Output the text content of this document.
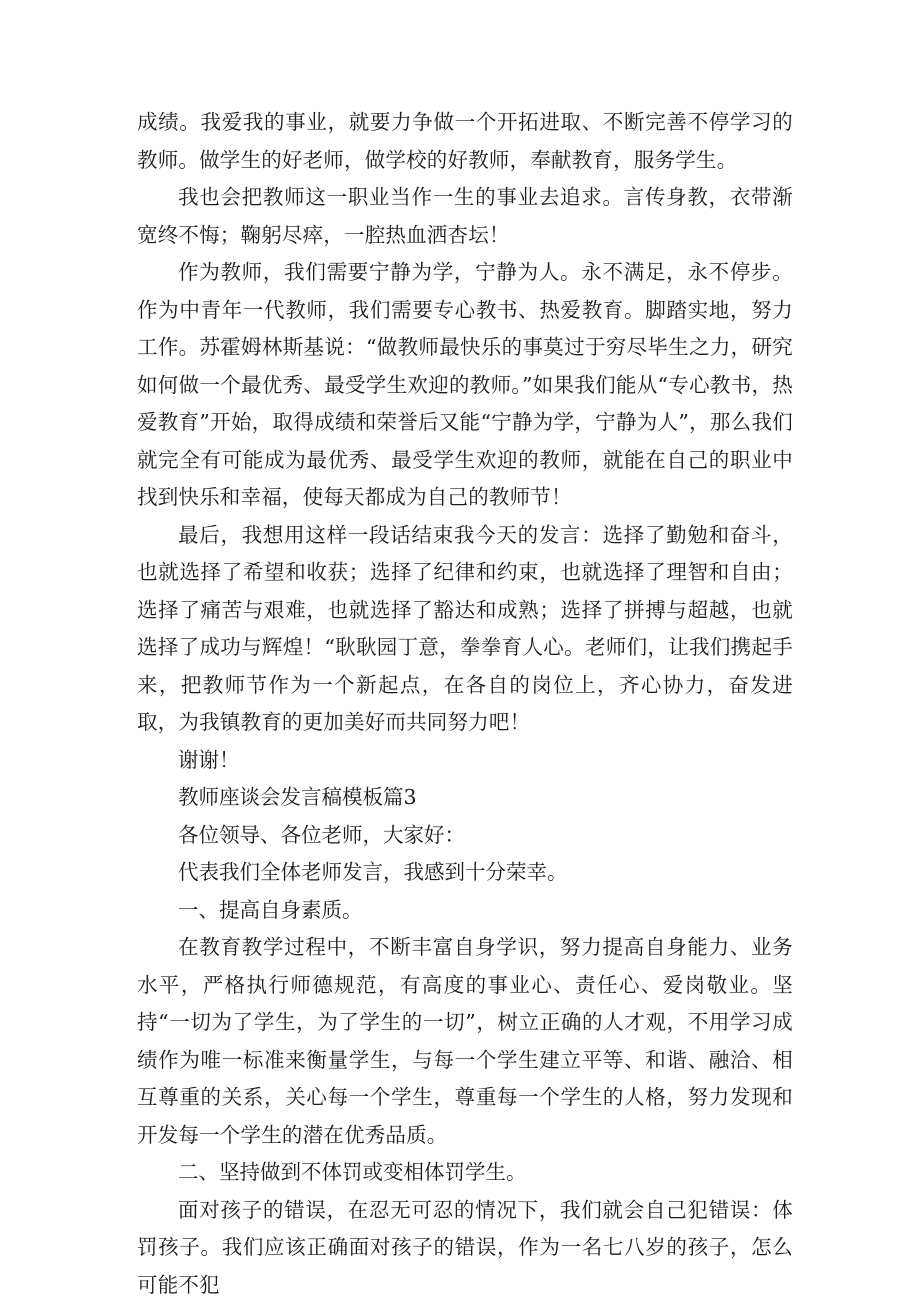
成绩。我爱我的事业，就要力争做一个开拓进取、不断完善不停学习的教师。做学生的好老师，做学校的好教师，奉献教育，服务学生。

我也会把教师这一职业当作一生的事业去追求。言传身教，衣带渐宽终不悔；鞠躬尽瘁，一腔热血洒杏坛！

作为教师，我们需要宁静为学，宁静为人。永不满足，永不停步。作为中青年一代教师，我们需要专心教书、热爱教育。脚踏实地，努力工作。苏霍姆林斯基说：“做教师最快乐的事莫过于穷尽毕生之力，研究如何做一个最优秀、最受学生欢迎的教师。”如果我们能从“专心教书，热爱教育”开始，取得成绩和荣誉后又能“宁静为学，宁静为人”，那么我们就完全有可能成为最优秀、最受学生欢迎的教师，就能在自己的职业中找到快乐和幸福，使每天都成为自己的教师节！

最后，我想用这样一段话结束我今天的发言：选择了勤勉和奋斗，也就选择了希望和收获；选择了纪律和约束，也就选择了理智和自由；选择了痛苦与艰难，也就选择了豁达和成熟；选择了拼搏与超越，也就选择了成功与辉煌！“耿耿园丁意，拳拳育人心。老师们，让我们携起手来，把教师节作为一个新起点，在各自的岗位上，齐心协力，奋发进取，为我镇教育的更加美好而共同努力吧！

谢谢！

教师座谈会发言稿模板篇3

各位领导、各位老师，大家好：

代表我们全体老师发言，我感到十分荣幸。

一、提高自身素质。

在教育教学过程中，不断丰富自身学识，努力提高自身能力、业务水平，严格执行师德规范，有高度的事业心、责任心、爱岗敬业。坚持“一切为了学生，为了学生的一切”，树立正确的人才观，不用学习成绩作为唯一标准来衡量学生，与每一个学生建立平等、和谐、融洽、相互尊重的关系，关心每一个学生，尊重每一个学生的人格，努力发现和开发每一个学生的潜在优秀品质。

二、坚持做到不体罚或变相体罚学生。

面对孩子的错误，在忍无可忍的情况下，我们就会自己犯错误：体罚孩子。我们应该正确面对孩子的错误，作为一名七八岁的孩子，怎么可能不犯
